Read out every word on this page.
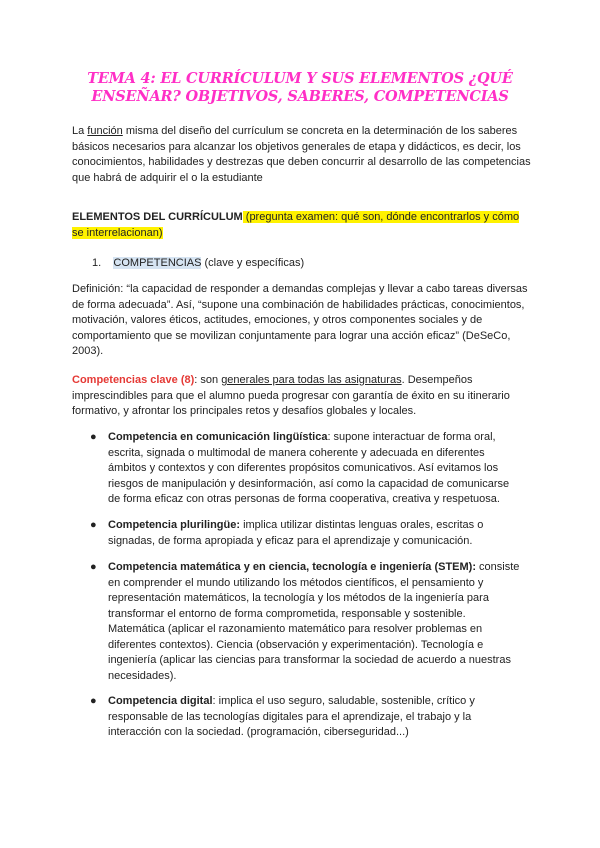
TEMA 4: EL CURRÍCULUM Y SUS ELEMENTOS ¿QUÉ
ENSEÑAR? OBJETIVOS, SABERES, COMPETENCIAS
La función misma del diseño del currículum se concreta en la determinación de los saberes básicos necesarios para alcanzar los objetivos generales de etapa y didácticos, es decir, los conocimientos, habilidades y destrezas que deben concurrir al desarrollo de las competencias que habrá de adquirir el o la estudiante
ELEMENTOS DEL CURRÍCULUM (pregunta examen: qué son, dónde encontrarlos y cómo se interrelacionan)
1. COMPETENCIAS (clave y específicas)
Definición: “la capacidad de responder a demandas complejas y llevar a cabo tareas diversas de forma adecuada”. Así, “supone una combinación de habilidades prácticas, conocimientos, motivación, valores éticos, actitudes, emociones, y otros componentes sociales y de comportamiento que se movilizan conjuntamente para lograr una acción eficaz” (DeSeCo, 2003).
Competencias clave (8): son generales para todas las asignaturas. Desempeños imprescindibles para que el alumno pueda progresar con garantía de éxito en su itinerario formativo, y afrontar los principales retos y desafíos globales y locales.
● Competencia en comunicación lingüística: supone interactuar de forma oral, escrita, signada o multimodal de manera coherente y adecuada en diferentes ámbitos y contextos y con diferentes propósitos comunicativos. Así evitamos los riesgos de manipulación y desinformación, así como la capacidad de comunicarse de forma eficaz con otras personas de forma cooperativa, creativa y respetuosa.
● Competencia plurilingüe: implica utilizar distintas lenguas orales, escritas o signadas, de forma apropiada y eficaz para el aprendizaje y comunicación.
● Competencia matemática y en ciencia, tecnología e ingeniería (STEM): consiste en comprender el mundo utilizando los métodos científicos, el pensamiento y representación matemáticos, la tecnología y los métodos de la ingeniería para transformar el entorno de forma comprometida, responsable y sostenible. Matemática (aplicar el razonamiento matemático para resolver problemas en diferentes contextos). Ciencia (observación y experimentación). Tecnología e ingeniería (aplicar las ciencias para transformar la sociedad de acuerdo a nuestras necesidades).
● Competencia digital: implica el uso seguro, saludable, sostenible, crítico y responsable de las tecnologías digitales para el aprendizaje, el trabajo y la interacción con la sociedad. (programación, ciberseguridad...)
